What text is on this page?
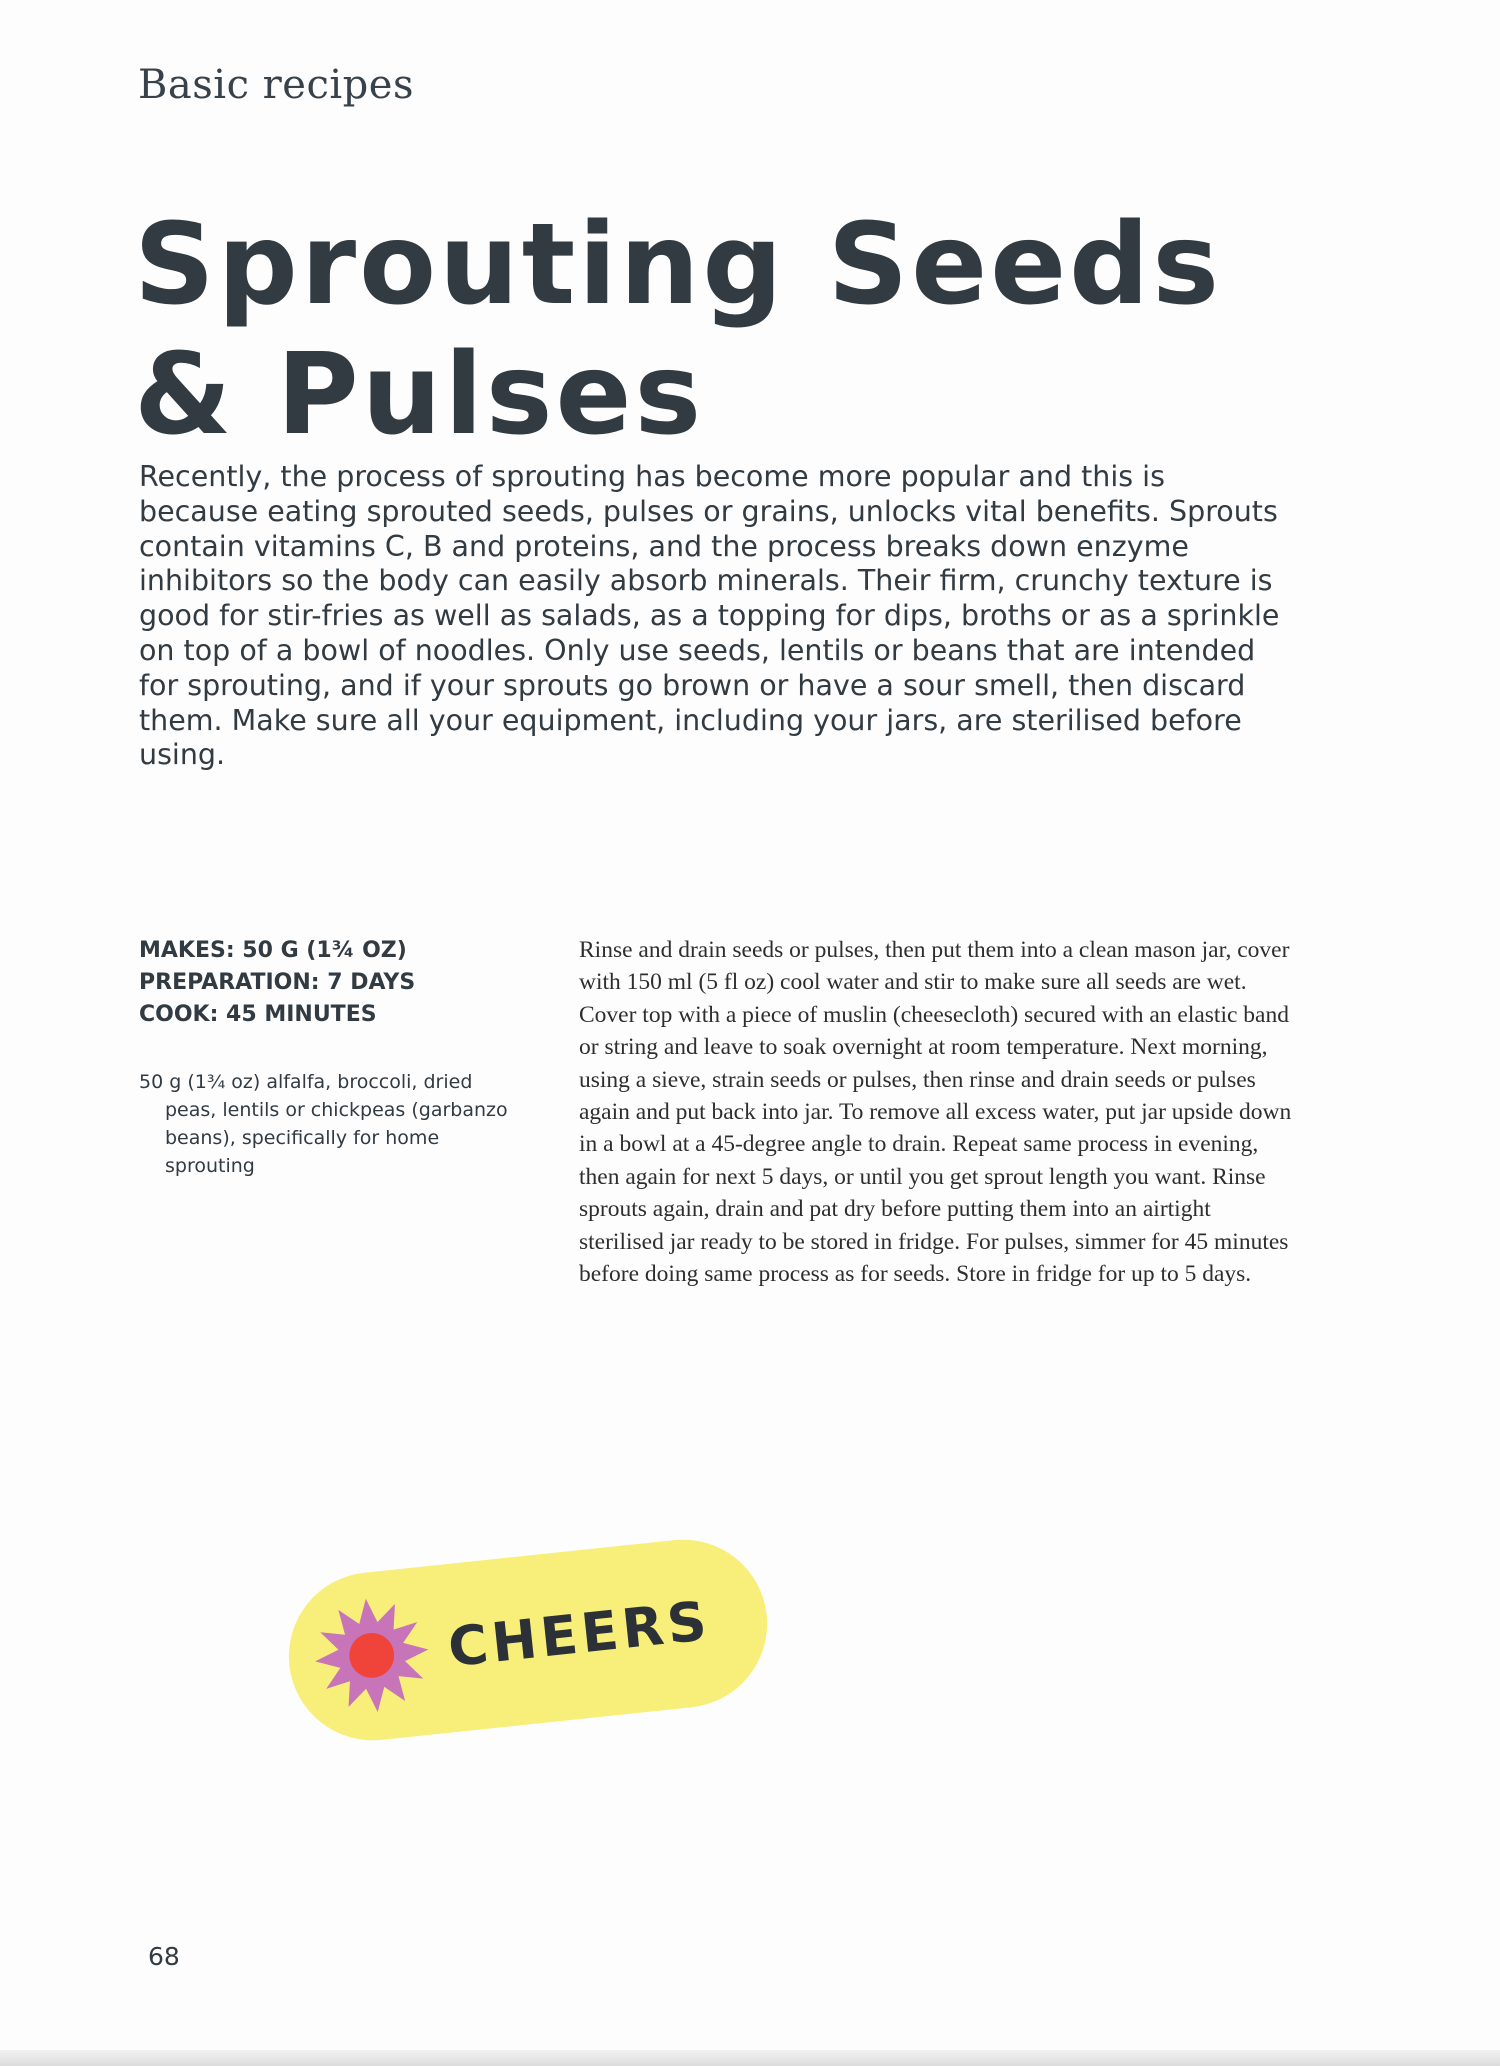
Basic recipes
Sprouting Seeds
& Pulses

Recently, the process of sprouting has become more popular and this is because eating sprouted seeds, pulses or grains, unlocks vital benefits. Sprouts contain vitamins C, B and proteins, and the process breaks down enzyme inhibitors so the body can easily absorb minerals. Their firm, crunchy texture is good for stir-fries as well as salads, as a topping for dips, broths or as a sprinkle on top of a bowl of noodles. Only use seeds, lentils or beans that are intended for sprouting, and if your sprouts go brown or have a sour smell, then discard them. Make sure all your equipment, including your jars, are sterilised before using.

MAKES: 50 G (1¾ OZ)
PREPARATION: 7 DAYS
COOK: 45 MINUTES

50 g (1¾ oz) alfalfa, broccoli, dried peas, lentils or chickpeas (garbanzo beans), specifically for home sprouting

Rinse and drain seeds or pulses, then put them into a clean mason jar, cover with 150 ml (5 fl oz) cool water and stir to make sure all seeds are wet. Cover top with a piece of muslin (cheesecloth) secured with an elastic band or string and leave to soak overnight at room temperature. Next morning, using a sieve, strain seeds or pulses, then rinse and drain seeds or pulses again and put back into jar. To remove all excess water, put jar upside down in a bowl at a 45-degree angle to drain. Repeat same process in evening, then again for next 5 days, or until you get sprout length you want. Rinse sprouts again, drain and pat dry before putting them into an airtight sterilised jar ready to be stored in fridge. For pulses, simmer for 45 minutes before doing same process as for seeds. Store in fridge for up to 5 days.

CHEERS
68
